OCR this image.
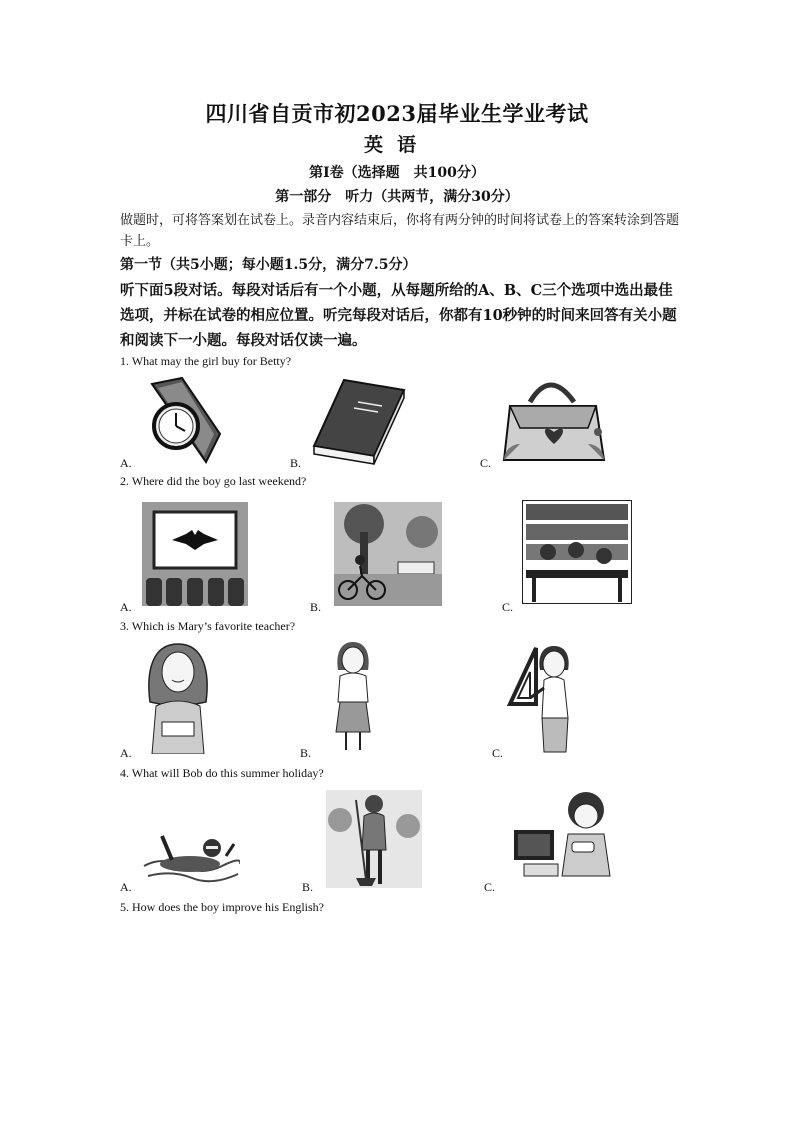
四川省自贡市初2023届毕业生学业考试
英语
第I卷（选择题　共100分）
第一部分　听力（共两节，满分30分）
做题时，可将答案划在试卷上。录音内容结束后，你将有两分钟的时间将试卷上的答案转涂到答题卡上。
第一节（共5小题；每小题1.5分，满分7.5分）
听下面5段对话。每段对话后有一个小题，从每题所给的A、B、C三个选项中选出最佳选项，并标在试卷的相应位置。听完每段对话后，你都有10秒钟的时间来回答有关小题和阅读下一小题。每段对话仅读一遍。
1. What may the girl buy for Betty?
A.	B.	C.
2. Where did the boy go last weekend?
A.	B.	C.
3. Which is Mary’s favorite teacher?
A.	B.	C.
4. What will Bob do this summer holiday?
A.	B.	C.
5. How does the boy improve his English?
